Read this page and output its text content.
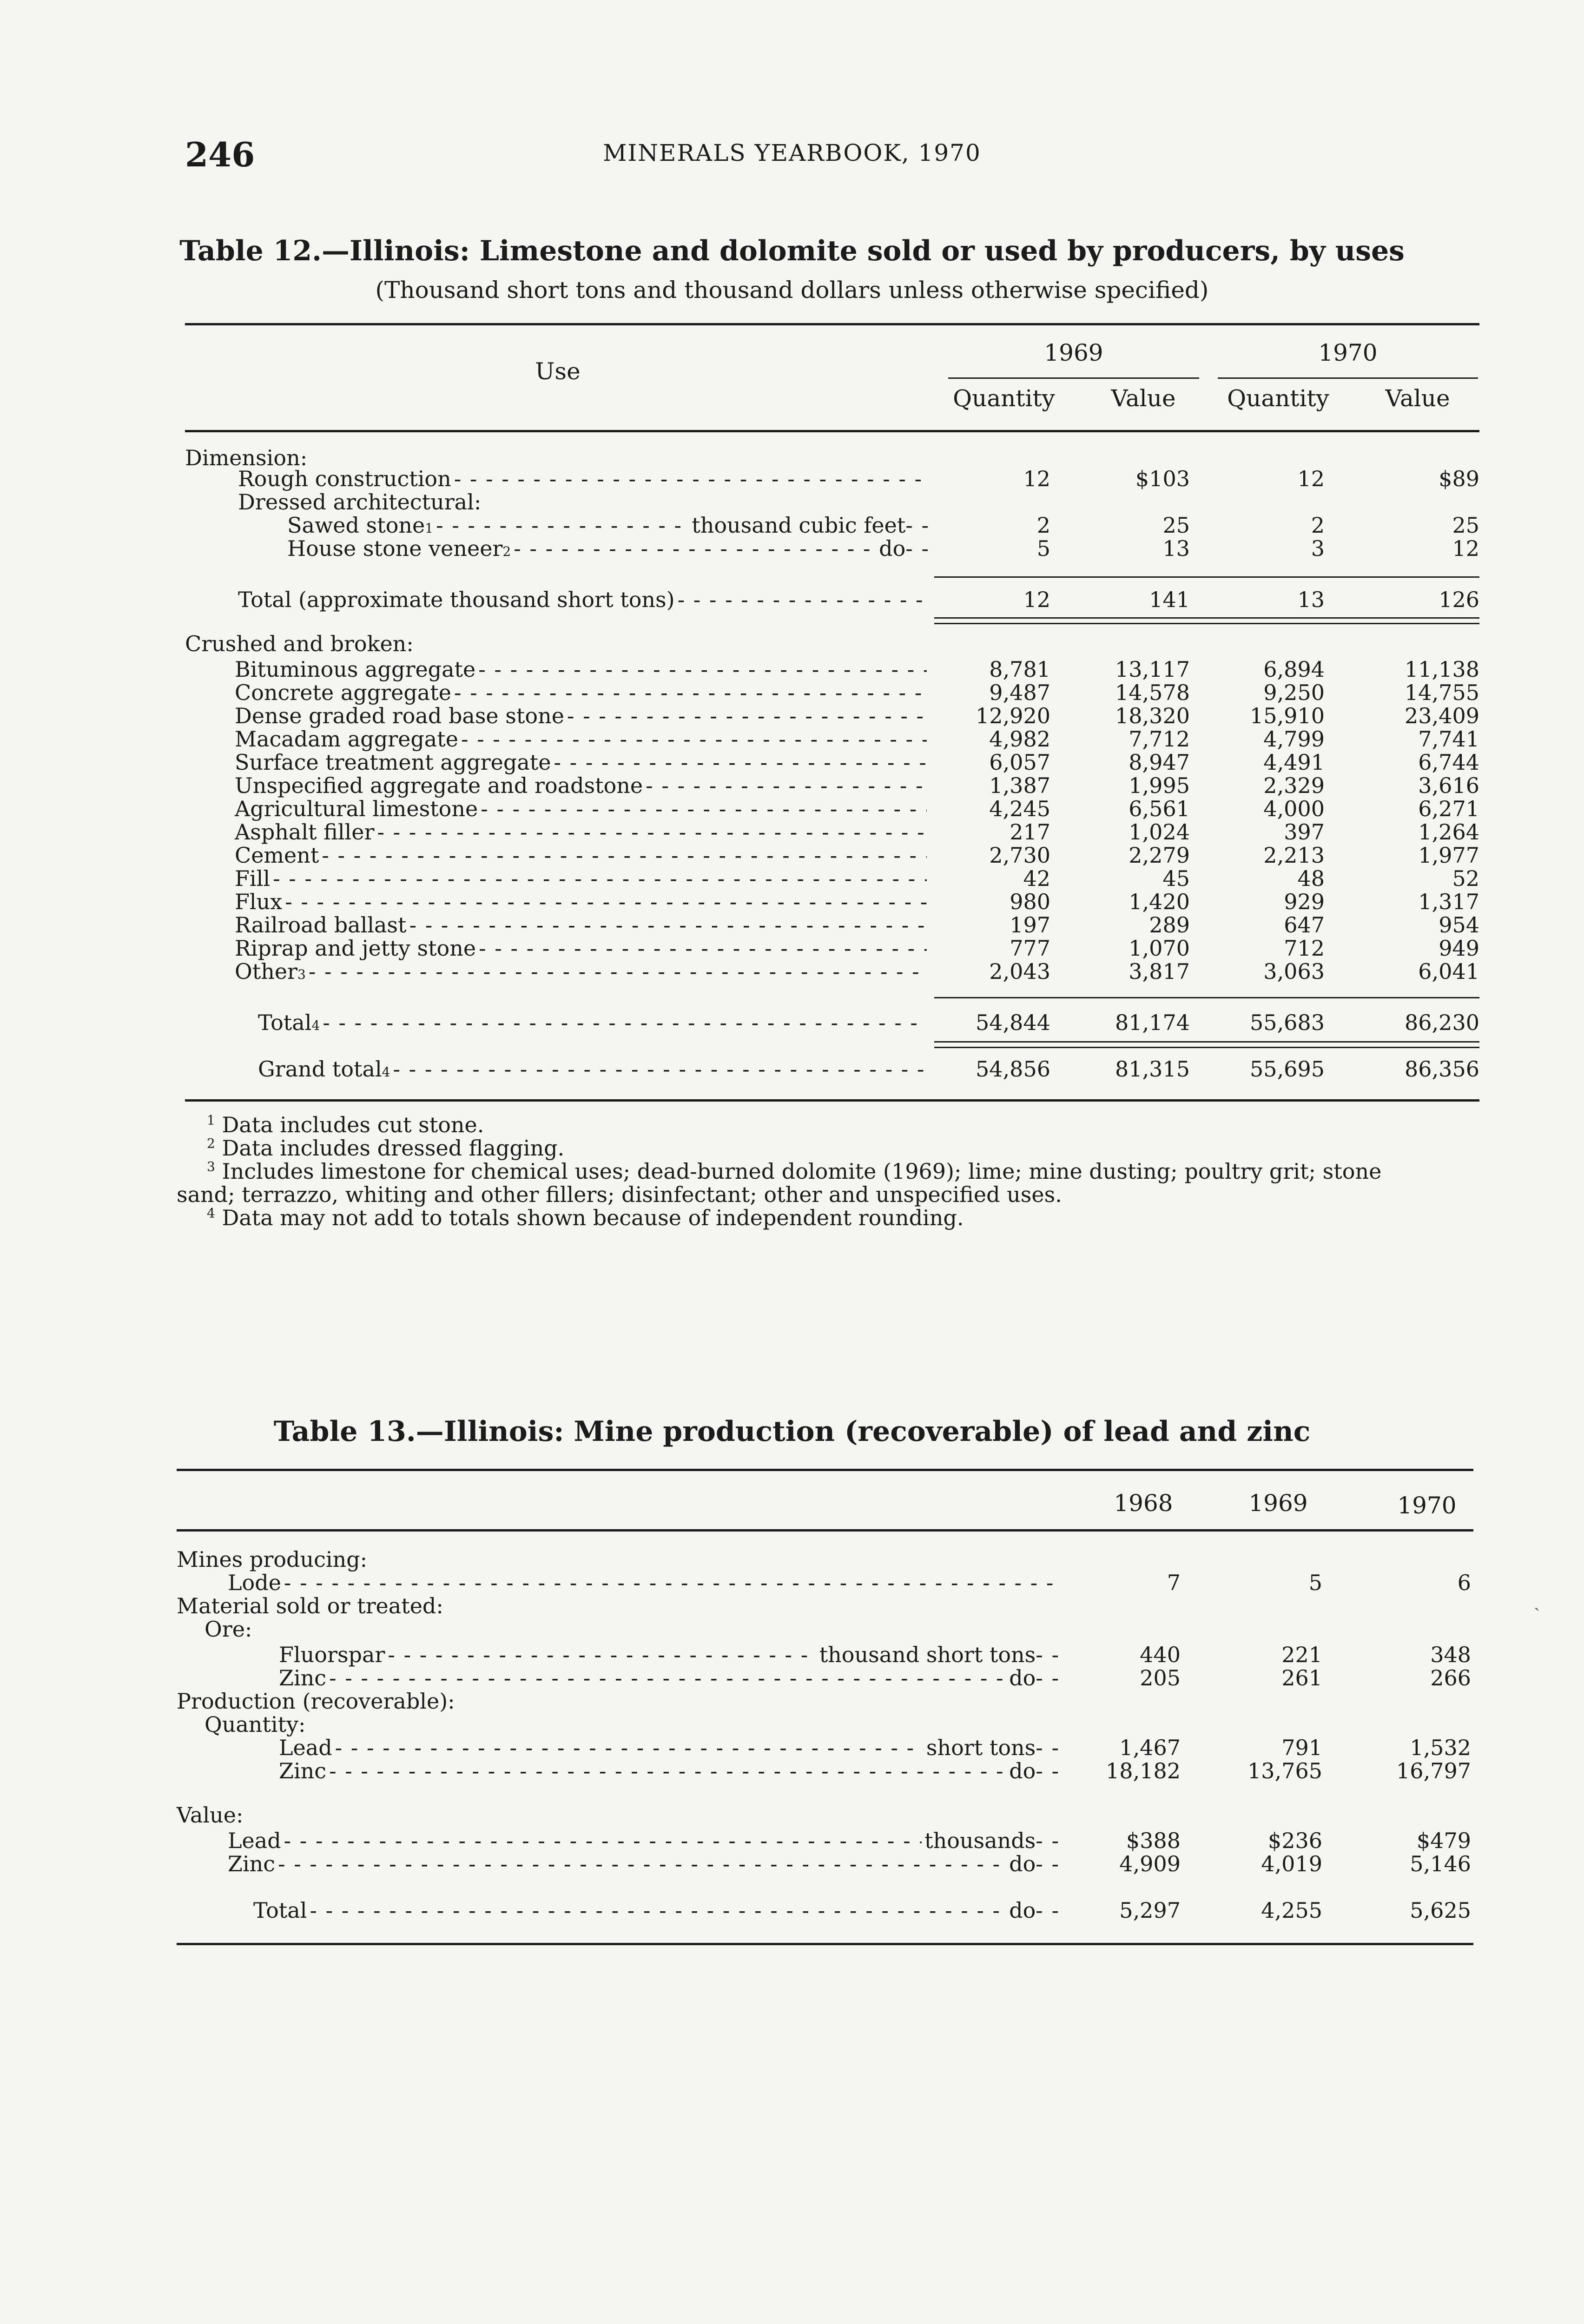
246	MINERALS YEARBOOK, 1970
Table 12.—Illinois: Limestone and dolomite sold or used by producers, by uses
(Thousand short tons and thousand dollars unless otherwise specified)
Use
1969	1970
Quantity	Value	Quantity	Value
Table 13.—Illinois: Mine production (recoverable) of lead and zinc
1968	1969	1970
ˏ
Dimension:
Rough construction - - -	12	$103	12	$89
Dressed architectural:
Sawed stone 1 - - -	thousand cubic feet - -	2	25	2	25
House stone veneer 2 - - -	do - -	5	13	3	12
Total (approximate thousand short tons) - - -	12	141	13	126
Crushed and broken:
Bituminous aggregate - - -	8,781	13,117	6,894	11,138
Concrete aggregate - - -	9,487	14,578	9,250	14,755
Dense graded road base stone - - -	12,920	18,320	15,910	23,409
Macadam aggregate - - -	4,982	7,712	4,799	7,741
Surface treatment aggregate - - -	6,057	8,947	4,491	6,744
Unspecified aggregate and roadstone - - -	1,387	1,995	2,329	3,616
Agricultural limestone - - -	4,245	6,561	4,000	6,271
Asphalt filler - - -	217	1,024	397	1,264
Cement - - -	2,730	2,279	2,213	1,977
Fill - - -	42	45	48	52
Flux - - -	980	1,420	929	1,317
Railroad ballast - - -	197	289	647	954
Riprap and jetty stone - - -	777	1,070	712	949
Other 3 - - -	2,043	3,817	3,063	6,041
Total 4 - - -	54,844	81,174	55,683	86,230
Grand total 4 - - -	54,856	81,315	55,695	86,356
$^1$ Data includes cut stone.
$^2$ Data includes dressed flagging.
$^3$ Includes limestone for chemical uses; dead-burned dolomite (1969); lime; mine dusting; poultry grit; stone
sand; terrazzo, whiting and other fillers; disinfectant; other and unspecified uses.
$^4$ Data may not add to totals shown because of independent rounding.
Mines producing:
Lode - - -	7	5	6
Material sold or treated:
Ore:
Fluorspar - - -	thousand short tons - -	440	221	348
Zinc - - -	do - -	205	261	266
Production (recoverable):
Quantity:
Lead - - -	short tons - -	1,467	791	1,532
Zinc - - -	do - -	18,182	13,765	16,797
Value:
Lead - - -	thousands - -	$388	$236	$479
Zinc - - -	do - -	4,909	4,019	5,146
Total - - -	do - -	5,297	4,255	5,625
